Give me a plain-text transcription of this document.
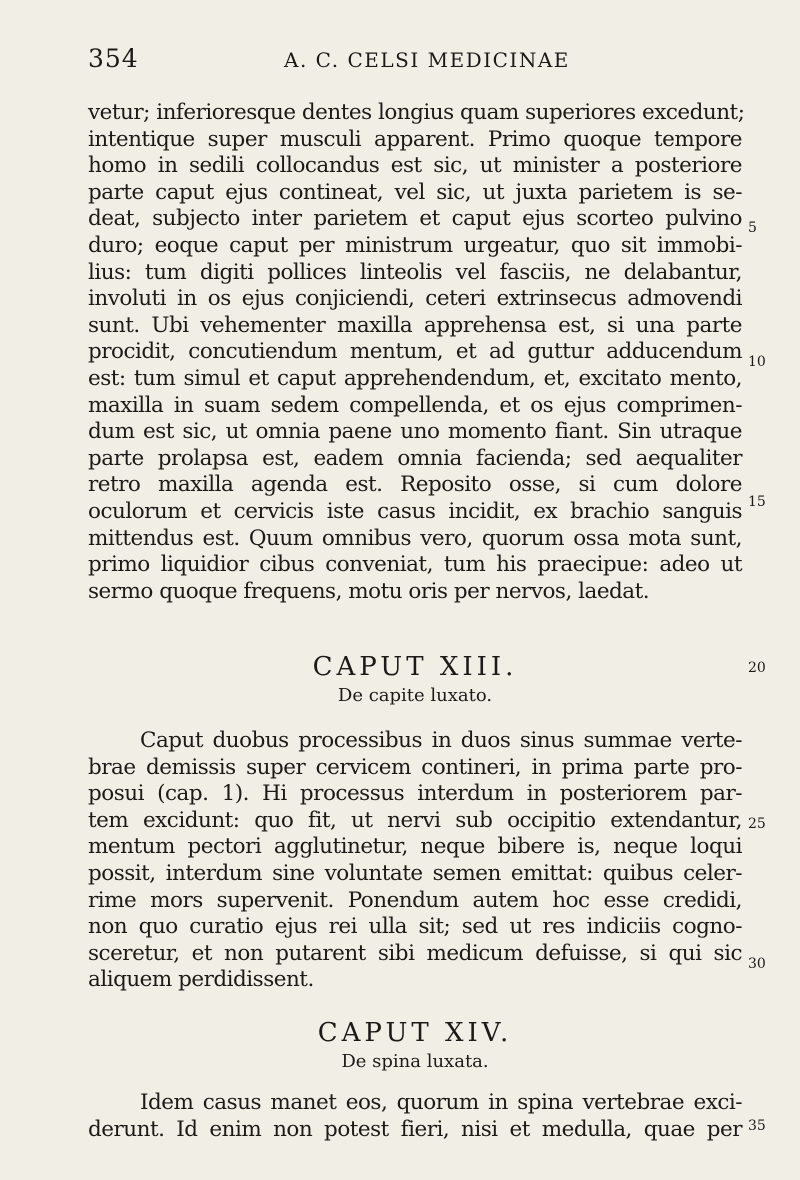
354	A. C. CELSI MEDICINAE
vetur; inferioresque dentes longius quam superiores excedunt;
intentique super musculi apparent. Primo quoque tempore
homo in sedili collocandus est sic, ut minister a posteriore
parte caput ejus contineat, vel sic, ut juxta parietem is se-
deat, subjecto inter parietem et caput ejus scorteo pulvino
duro; eoque caput per ministrum urgeatur, quo sit immobi-
lius: tum digiti pollices linteolis vel fasciis, ne delabantur,
involuti in os ejus conjiciendi, ceteri extrinsecus admovendi
sunt. Ubi vehementer maxilla apprehensa est, si una parte
procidit, concutiendum mentum, et ad guttur adducendum
est: tum simul et caput apprehendendum, et, excitato mento,
maxilla in suam sedem compellenda, et os ejus comprimen-
dum est sic, ut omnia paene uno momento fiant. Sin utraque
parte prolapsa est, eadem omnia facienda; sed aequaliter
retro maxilla agenda est. Reposito osse, si cum dolore
oculorum et cervicis iste casus incidit, ex brachio sanguis
mittendus est. Quum omnibus vero, quorum ossa mota sunt,
primo liquidior cibus conveniat, tum his praecipue: adeo ut
sermo quoque frequens, motu oris per nervos, laedat.
CAPUT XIII.
De capite luxato.
Caput duobus processibus in duos sinus summae verte-
brae demissis super cervicem contineri, in prima parte pro-
posui (cap. 1). Hi processus interdum in posteriorem par-
tem excidunt: quo fit, ut nervi sub occipitio extendantur,
mentum pectori agglutinetur, neque bibere is, neque loqui
possit, interdum sine voluntate semen emittat: quibus celer-
rime mors supervenit. Ponendum autem hoc esse credidi,
non quo curatio ejus rei ulla sit; sed ut res indiciis cogno-
sceretur, et non putarent sibi medicum defuisse, si qui sic
aliquem perdidissent.
CAPUT XIV.
De spina luxata.
Idem casus manet eos, quorum in spina vertebrae exci-
derunt. Id enim non potest fieri, nisi et medulla, quae per
5
10
15
20
25
30
35
